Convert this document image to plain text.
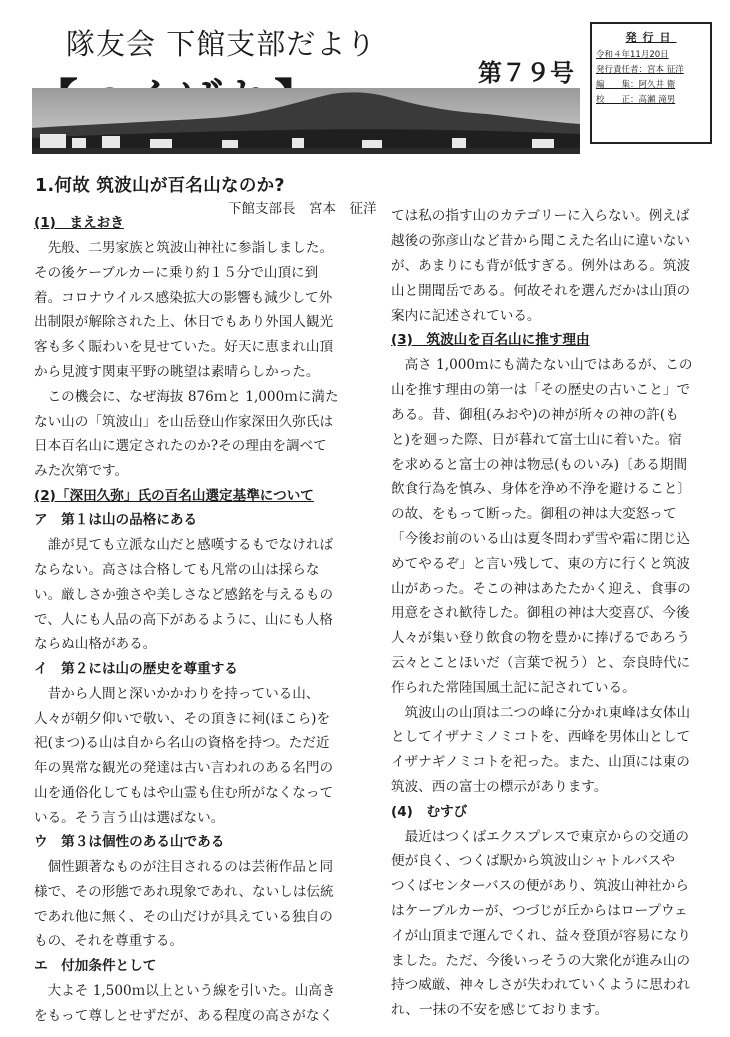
隊友会 下館支部だより
第７９号
発行日
令和４年11月20日
発行責任者：宮本 征洋
編　　集：阿久井 衛
校　　正：高瀬 滝男
1.何故 筑波山が百名山なのか?
下館支部長　宮本　征洋
(1)　まえおき
　先般、二男家族と筑波山神社に参詣しました。
その後ケーブルカーに乗り約１５分で山頂に到
着。コロナウイルス感染拡大の影響も減少して外
出制限が解除された上、休日でもあり外国人観光
客も多く賑わいを見せていた。好天に恵まれ山頂
から見渡す関東平野の眺望は素晴らしかった。
　この機会に、なぜ海抜 876ｍと 1,000ｍに満た
ない山の「筑波山」を山岳登山作家深田久弥氏は
日本百名山に選定されたのか?その理由を調べて
みた次第です。
(2)「深田久弥」氏の百名山選定基準について
ア　第１は山の品格にある
　誰が見ても立派な山だと感嘆するもでなければ
ならない。高さは合格しても凡常の山は採らな
い。厳しさか強さや美しさなど感銘を与えるもの
で、人にも人品の高下があるように、山にも人格
ならぬ山格がある。
イ　第２には山の歴史を尊重する
　昔から人間と深いかかわりを持っている山、
人々が朝夕仰いで敬い、その頂きに祠(ほこら)を
祀(まつ)る山は自から名山の資格を持つ。ただ近
年の異常な観光の発達は古い言われのある名門の
山を通俗化してもはや山霊も住む所がなくなって
いる。そう言う山は選ばない。
ウ　第３は個性のある山である
　個性顕著なものが注目されるのは芸術作品と同
様で、その形態であれ現象であれ、ないしは伝統
であれ他に無く、その山だけが具えている独自の
もの、それを尊重する。
エ　付加条件として
　大よそ 1,500ｍ以上という線を引いた。山高き
をもって尊しとせずだが、ある程度の高さがなく
ては私の指す山のカテゴリーに入らない。例えば
越後の弥彦山など昔から聞こえた名山に違いない
が、あまりにも背が低すぎる。例外はある。筑波
山と開聞岳である。何故それを選んだかは山頂の
案内に記述されている。
(3)　筑波山を百名山に推す理由
　高さ 1,000ｍにも満たない山ではあるが、この
山を推す理由の第一は「その歴史の古いこと」で
ある。昔、御租(みおや)の神が所々の神の許(も
と)を廻った際、日が暮れて富士山に着いた。宿
を求めると富士の神は物忌(ものいみ)〔ある期間
飲食行為を慎み、身体を浄め不浄を避けること〕
の故、をもって断った。御租の神は大変怒って
「今後お前のいる山は夏冬問わず雪や霜に閉じ込
めてやるぞ」と言い残して、東の方に行くと筑波
山があった。そこの神はあたたかく迎え、食事の
用意をされ歓待した。御租の神は大変喜び、今後
人々が集い登り飲食の物を豊かに捧げるであろう
云々とことほいだ（言葉で祝う）と、奈良時代に
作られた常陸国風土記に記されている。
　筑波山の山頂は二つの峰に分かれ東峰は女体山
としてイザナミノミコトを、西峰を男体山として
イザナギノミコトを祀った。また、山頂には東の
筑波、西の富士の標示があります。
(4)　むすび
　最近はつくばエクスプレスで東京からの交通の
便が良く、つくば駅から筑波山シャトルバスや
つくばセンターバスの便があり、筑波山神社から
はケーブルカーが、つづじが丘からはロープウェ
イが山頂まで運んでくれ、益々登頂が容易になり
ました。ただ、今後いっそうの大衆化が進み山の
持つ威厳、神々しさが失われていくように思われ
れ、一抹の不安を感じております。
